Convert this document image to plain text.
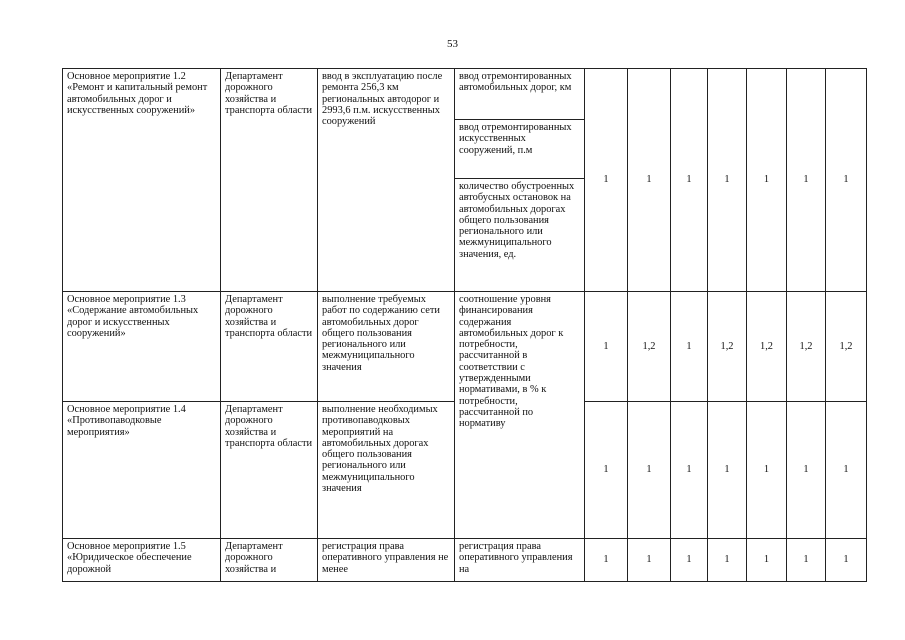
53
Основное мероприятие 1.2 «Ремонт и капитальный ремонт автомобильных дорог и искусственных сооружений»	Департамент дорожного хозяйства и транспорта области	ввод в эксплуатацию после ремонта 256,3 км региональных автодорог и 2993,6 п.м. искусственных сооружений	ввод отремонтированных автомобильных дорог, км	1	1	1	1	1	1	1
			ввод отремонтированных искусственных сооружений, п.м							
			количество обустроенных автобусных остановок на автомобильных дорогах общего пользования регионального или межмуниципального значения, ед.							
Основное мероприятие 1.3 «Содержание автомобильных дорог и искусственных сооружений»	Департамент дорожного хозяйства и транспорта области	выполнение требуемых работ по содержанию сети автомобильных дорог общего пользования регионального или межмуниципального значения	соотношение уровня финансирования содержания автомобильных дорог к потребности, рассчитанной в соответствии с утвержденными нормативами, в % к потребности, рассчитанной по нормативу	1	1,2	1	1,2	1,2	1,2	1,2
Основное мероприятие 1.4 «Противопаводковые мероприятия»	Департамент дорожного хозяйства и транспорта области	выполнение необходимых противопаводковых мероприятий на автомобильных дорогах общего пользования регионального или межмуниципального значения		1	1	1	1	1	1	1
Основное мероприятие 1.5 «Юридическое обеспечение дорожной	Департамент дорожного хозяйства и	регистрация права оперативного управления не менее	регистрация права оперативного управления на	1	1	1	1	1	1	1
